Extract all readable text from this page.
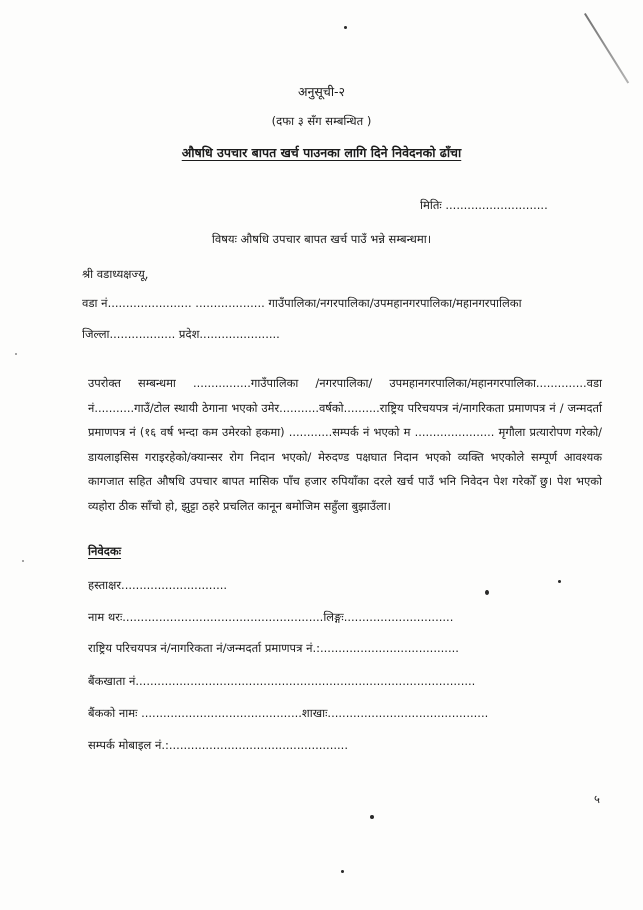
अनुसूची-२
(दफा ३ सँग सम्बन्धित )
औषधि उपचार बापत खर्च पाउनका लागि दिने निवेदनको ढाँचा
मितिः ............................
विषयः औषधि उपचार बापत खर्च पाउँ भन्ने सम्बन्धमा।
श्री वडाध्यक्षज्यू,
वडा नं....................... ................... गाउँपालिका/नगरपालिका/उपमहानगरपालिका/महानगरपालिका
जिल्ला.................. प्रदेश......................
उपरोक्त सम्बन्धमा ................गाउँपालिका /नगरपालिका/ उपमहानगरपालिका/महानगरपालिका..............वडा नं...........गाउँ/टोल स्थायी ठेगाना भएको उमेर...........वर्षको..........राष्ट्रिय परिचयपत्र नं/नागरिकता प्रमाणपत्र नं / जन्मदर्ता प्रमाणपत्र नं (१६ वर्ष भन्दा कम उमेरको हकमा) ............सम्पर्क नं भएको म ...................... मृगौला प्रत्यारोपण गरेको/ डायलाइसिस गराइरहेको/क्यान्सर रोग निदान भएको/ मेरुदण्ड पक्षघात निदान भएको व्यक्ति भएकोले सम्पूर्ण आवश्यक कागजात सहित औषधि उपचार बापत मासिक पाँच हजार रुपियाँका दरले खर्च पाउँ भनि निवेदन पेश गरेकोँ छु। पेश भएको व्यहोरा ठीक साँचो हो, झुट्टा ठहरे प्रचलित कानून बमोजिम सहुँला बुझाउँला।
निवेदकः
हस्ताक्षर.............................
नाम थरः.......................................................लिङ्गः..............................
राष्ट्रिय परिचयपत्र नं/नागरिकता नं/जन्मदर्ता प्रमाणपत्र नं.:......................................
बैंकखाता नं.............................................................................................
बैंकको नामः ............................................शाखाः............................................
सम्पर्क मोबाइल नं.:.................................................
५
